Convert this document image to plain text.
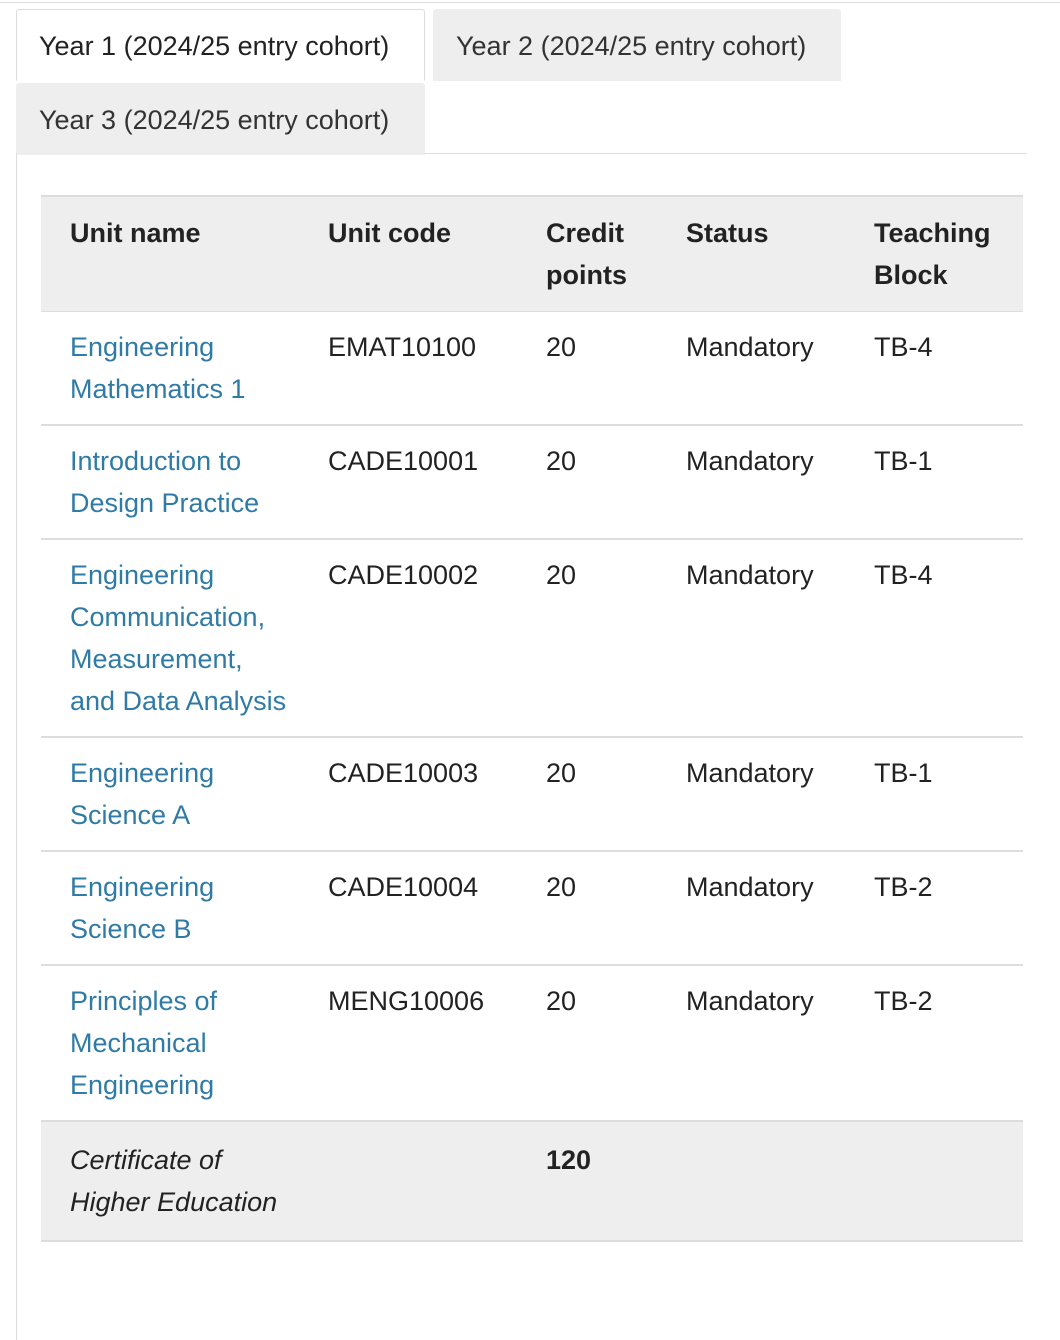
Year 1 (2024/25 entry cohort)	Year 2 (2024/25 entry cohort)
Year 3 (2024/25 entry cohort)
Unit name	Unit code	Credit points	Status	Teaching Block
Engineering Mathematics 1	EMAT10100	20	Mandatory	TB-4
Introduction to Design Practice	CADE10001	20	Mandatory	TB-1
Engineering Communication, Measurement, and Data Analysis	CADE10002	20	Mandatory	TB-4
Engineering Science A	CADE10003	20	Mandatory	TB-1
Engineering Science B	CADE10004	20	Mandatory	TB-2
Principles of Mechanical Engineering	MENG10006	20	Mandatory	TB-2
Certificate of Higher Education		120		
